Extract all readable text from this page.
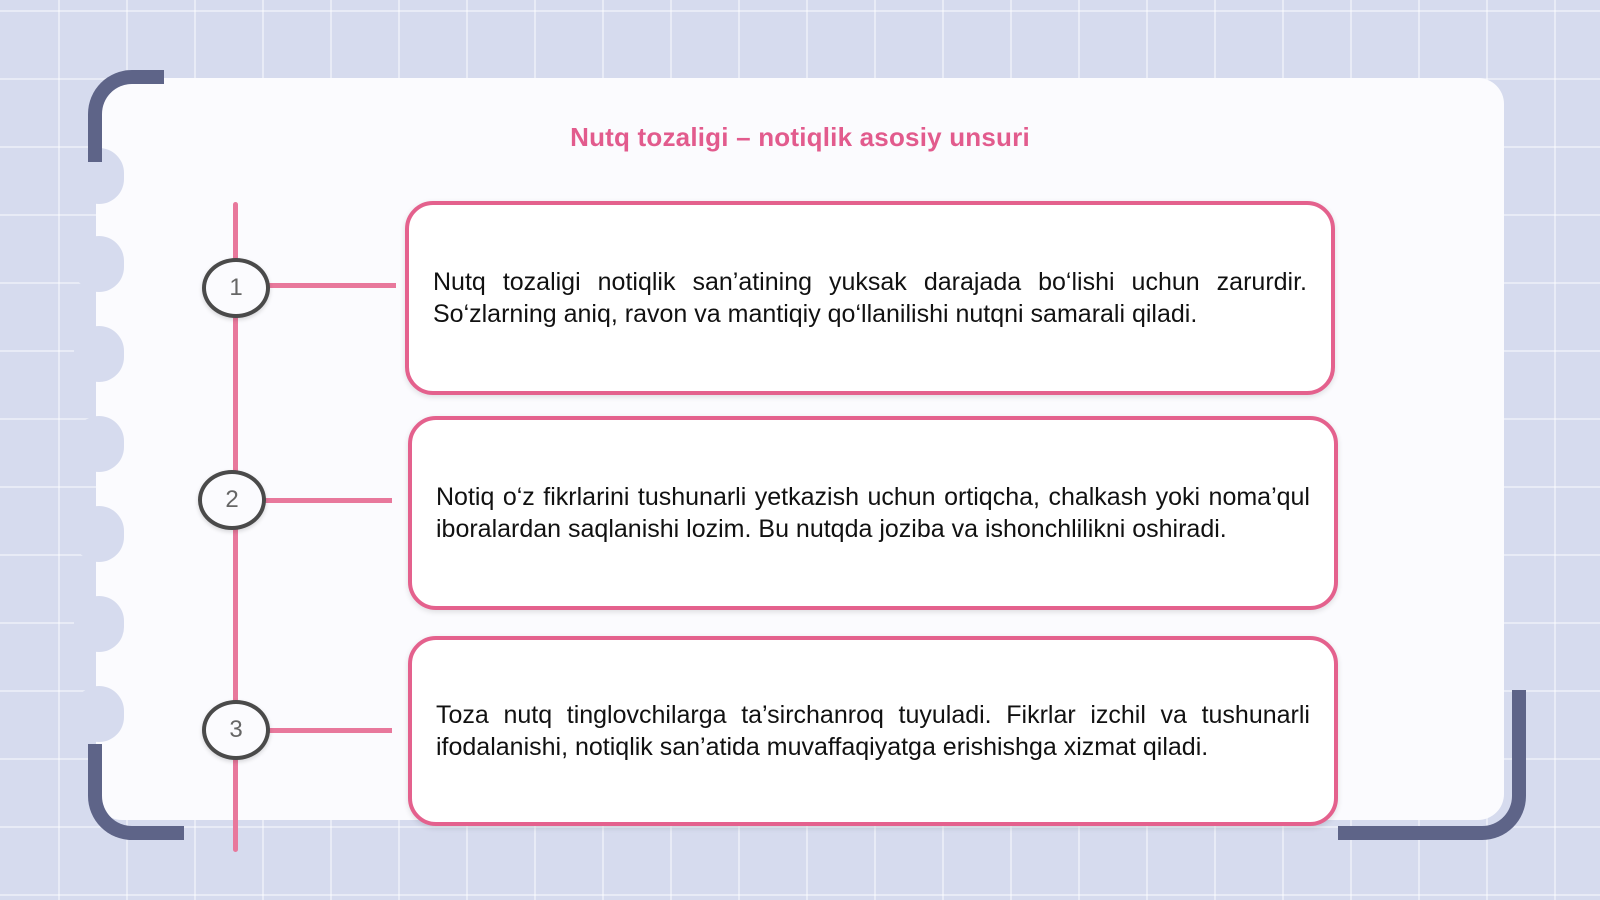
Nutq tozaligi – notiqlik asosiy unsuri
1	Nutq tozaligi notiqlik san’atining yuksak darajada bo‘lishi uchun zarurdir. So‘zlarning aniq, ravon va mantiqiy qo‘llanilishi nutqni samarali qiladi.
2	Notiq o‘z fikrlarini tushunarli yetkazish uchun ortiqcha, chalkash yoki noma’qul iboralardan saqlanishi lozim. Bu nutqda joziba va ishonchlilikni oshiradi.
3
Toza nutq tinglovchilarga ta’sirchanroq tuyuladi. Fikrlar izchil va tushunarli ifodalanishi, notiqlik san’atida muvaffaqiyatga erishishga xizmat qiladi.
